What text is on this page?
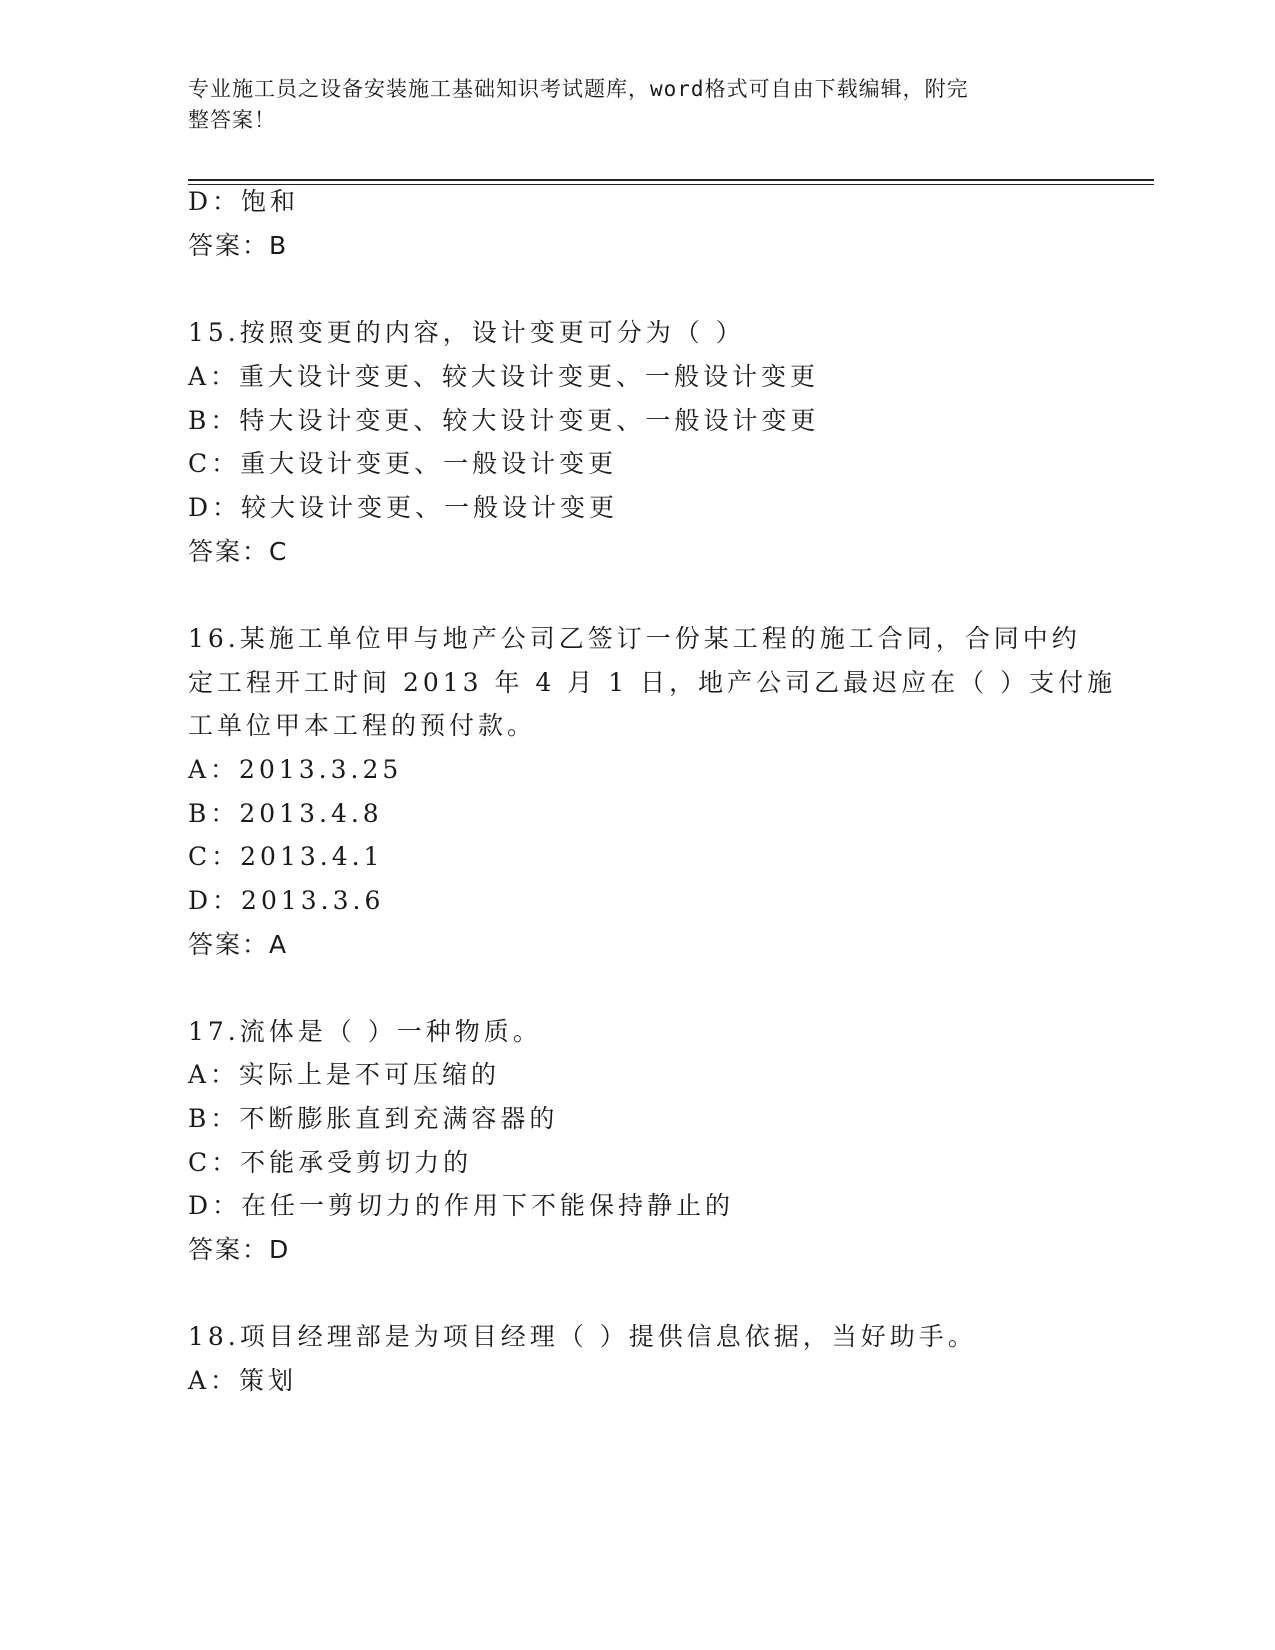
专业施工员之设备安装施工基础知识考试题库，word格式可自由下载编辑，附完
整答案！
D：饱和
答案：B
15.按照变更的内容，设计变更可分为（ ）
A：重大设计变更、较大设计变更、一般设计变更
B：特大设计变更、较大设计变更、一般设计变更
C：重大设计变更、一般设计变更
D：较大设计变更、一般设计变更
答案：C
16.某施工单位甲与地产公司乙签订一份某工程的施工合同，合同中约
定工程开工时间 2013 年 4 月 1 日，地产公司乙最迟应在（ ）支付施
工单位甲本工程的预付款。
A：2013.3.25
B：2013.4.8
C：2013.4.1
D：2013.3.6
答案：A
17.流体是（ ）一种物质。
A：实际上是不可压缩的
B：不断膨胀直到充满容器的
C：不能承受剪切力的
D：在任一剪切力的作用下不能保持静止的
答案：D
18.项目经理部是为项目经理（ ）提供信息依据，当好助手。
A：策划
